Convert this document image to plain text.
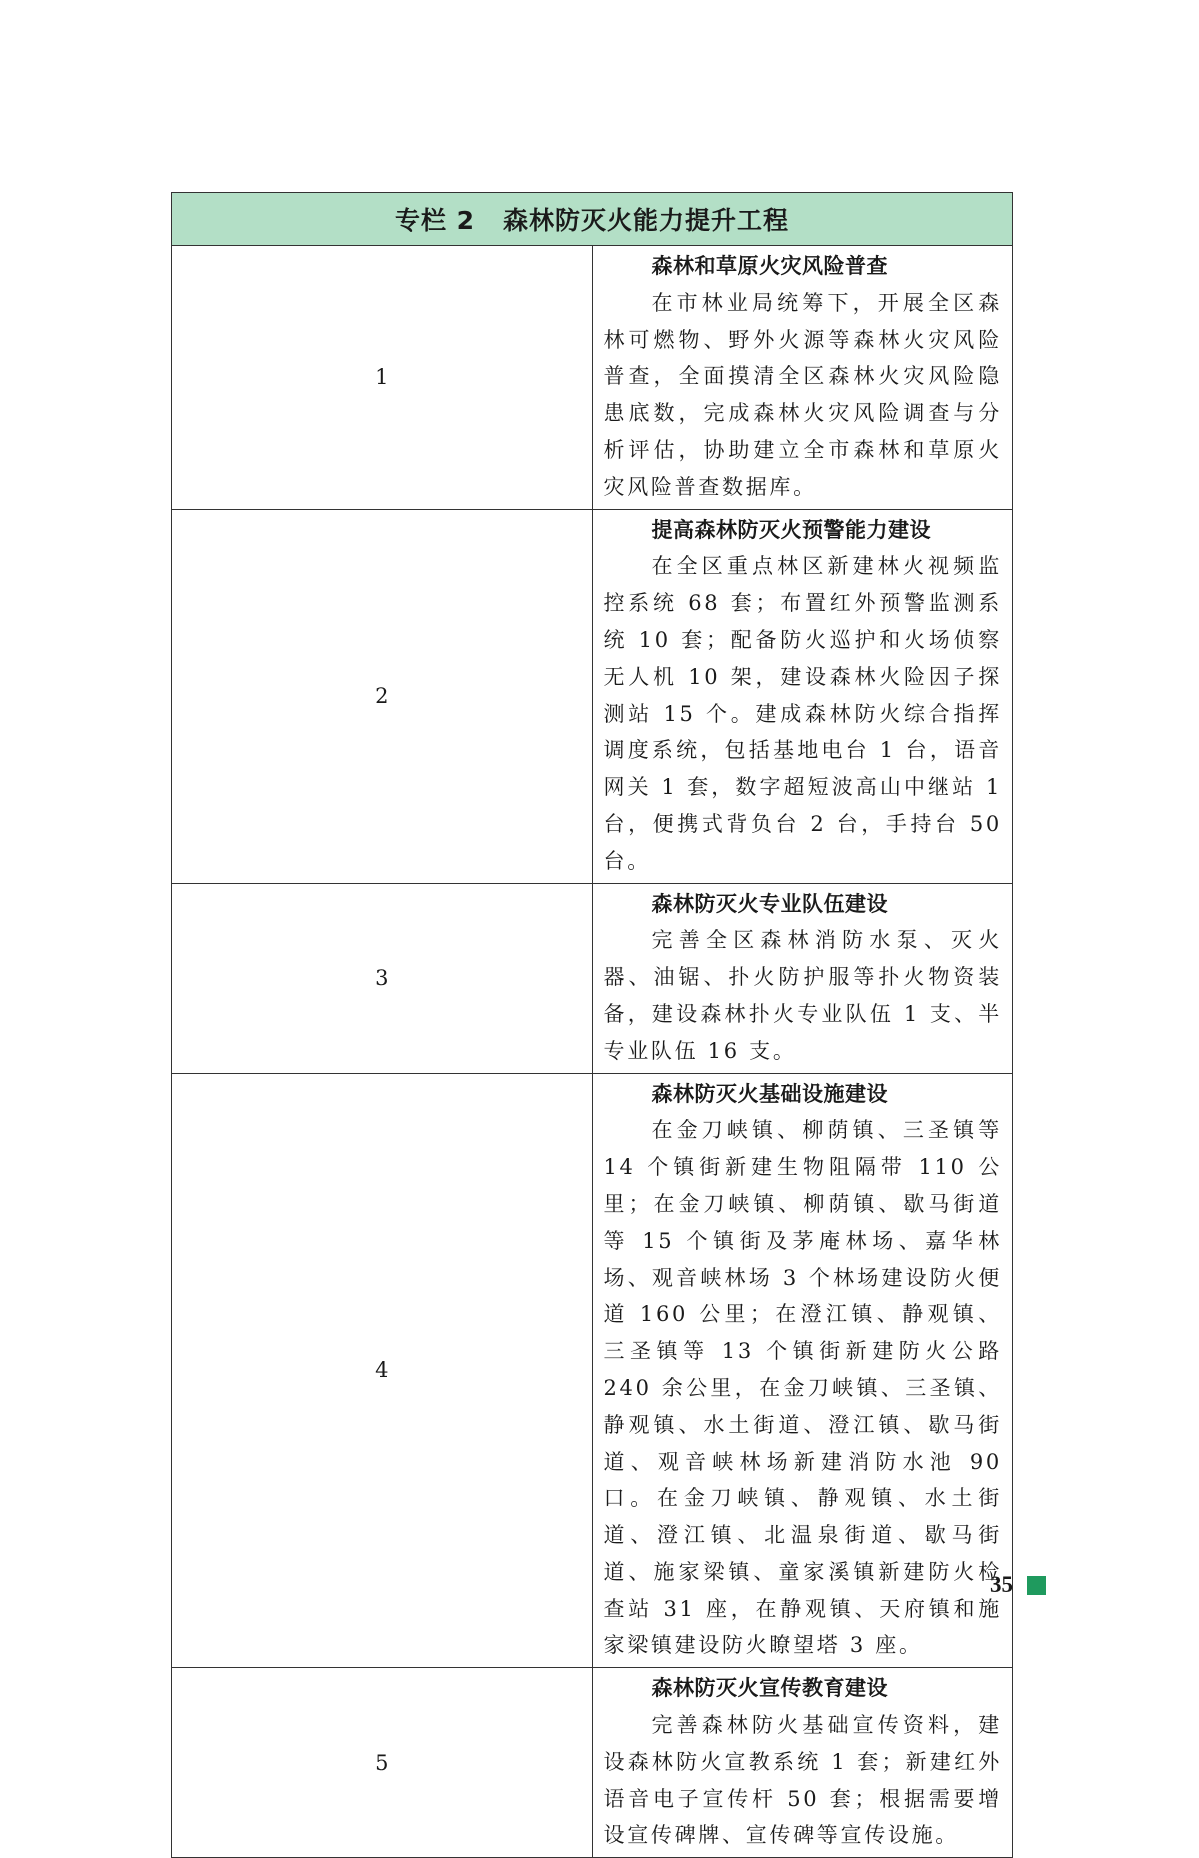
专栏 2 森林防灭火能力提升工程	
1	森林和草原火灾风险普查
在市林业局统筹下，开展全区森林可燃物、野外火源等森林火灾风险普查，全面摸清全区森林火灾风险隐患底数，完成森林火灾风险调查与分析评估，协助建立全市森林和草原火灾风险普查数据库。

2	提高森林防灭火预警能力建设
在全区重点林区新建林火视频监控系统 68 套；布置红外预警监测系统 10 套；配备防火巡护和火场侦察无人机 10 架，建设森林火险因子探测站 15 个。建成森林防火综合指挥调度系统，包括基地电台 1 台，语音网关 1 套，数字超短波高山中继站 1 台，便携式背负台 2 台，手持台 50 台。

3	森林防灭火专业队伍建设
完善全区森林消防水泵、灭火器、油锯、扑火防护服等扑火物资装备，建设森林扑火专业队伍 1 支、半专业队伍 16 支。

4	森林防灭火基础设施建设
在金刀峡镇、柳荫镇、三圣镇等 14 个镇街新建生物阻隔带 110 公里；在金刀峡镇、柳荫镇、歇马街道等 15 个镇街及茅庵林场、嘉华林场、观音峡林场 3 个林场建设防火便道 160 公里；在澄江镇、静观镇、三圣镇等 13 个镇街新建防火公路 240 余公里，在金刀峡镇、三圣镇、静观镇、水土街道、澄江镇、歇马街道、观音峡林场新建消防水池 90 口。在金刀峡镇、静观镇、水土街道、澄江镇、北温泉街道、歇马街道、施家梁镇、童家溪镇新建防火检查站 31 座，在静观镇、天府镇和施家梁镇建设防火瞭望塔 3 座。

5	森林防灭火宣传教育建设
完善森林防火基础宣传资料，建设森林防火宣教系统 1 套；新建红外语音电子宣传杆 50 套；根据需要增设宣传碑牌、宣传碑等宣传设施。
35
